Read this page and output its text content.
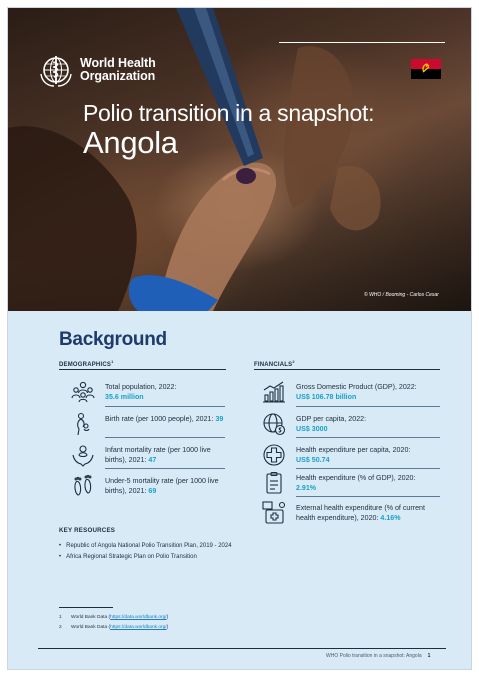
World Health
Organization
Polio transition in a snapshot:
Angola
© WHO / Booming - Carlos Cesar
Background
DEMOGRAPHICS$^1$
Total population, 2022:
35.6 million
Birth rate (per 1000 people), 2021: 39
Infant mortality rate (per 1000 live births), 2021: 47
Under-5 mortality rate (per 1000 live births), 2021: 69
FINANCIALS$^2$
Gross Domestic Product (GDP), 2022:
US$ 106.78 billion
GDP per capita, 2022:
US$ 3000
Health expenditure per capita, 2020:
US$ 50.74
Health expenditure (% of GDP), 2020:
2.91%
External health expenditure (% of current health expenditure), 2020: 4.16%
KEY RESOURCES
• Republic of Angola National Polio Transition Plan, 2019 - 2024
• Africa Regional Strategic Plan on Polio Transition
1 World Bank Data (https://data.worldbank.org/)
2 World Bank Data (https://data.worldbank.org/)
WHO Polio transition in a snapshot: Angola 1
